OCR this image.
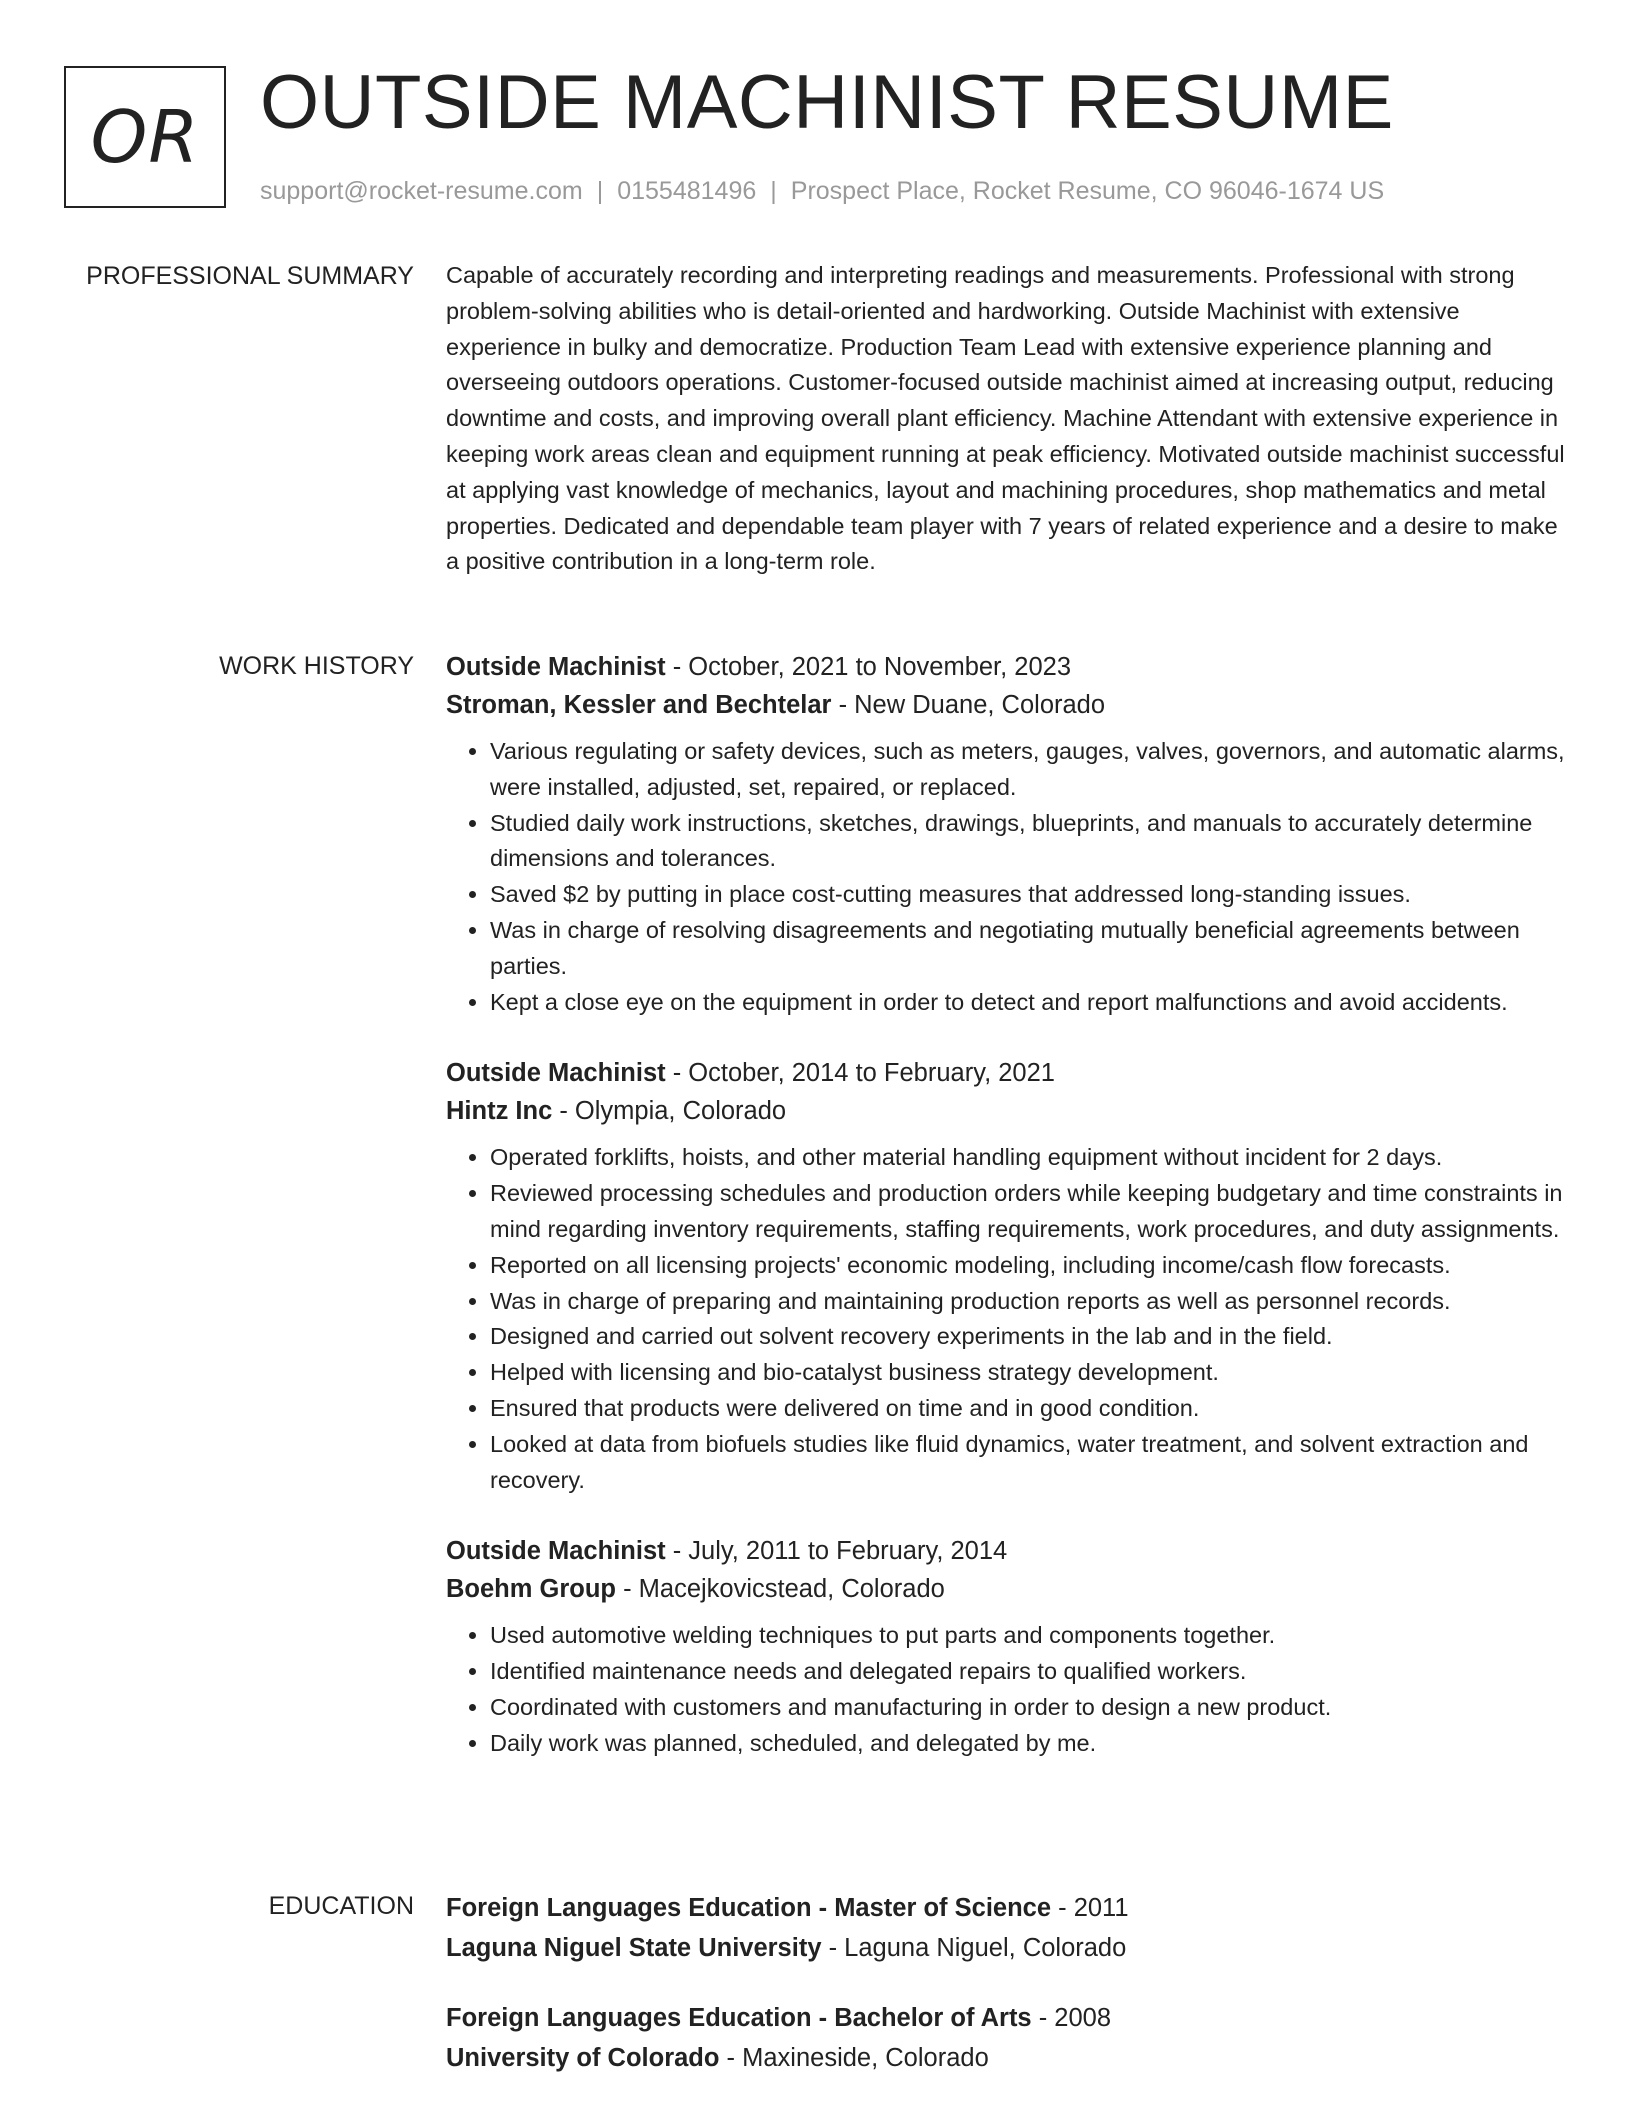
OR OUTSIDE MACHINIST RESUME
support@rocket-resume.com | 0155481496 | Prospect Place, Rocket Resume, CO 96046-1674 US
PROFESSIONAL SUMMARY Capable of accurately recording and interpreting readings and measurements. Professional with strong problem-solving abilities who is detail-oriented and hardworking. Outside Machinist with extensive experience in bulky and democratize. Production Team Lead with extensive experience planning and overseeing outdoors operations. Customer-focused outside machinist aimed at increasing output, reducing downtime and costs, and improving overall plant efficiency. Machine Attendant with extensive experience in keeping work areas clean and equipment running at peak efficiency. Motivated outside machinist successful at applying vast knowledge of mechanics, layout and machining procedures, shop mathematics and metal properties. Dedicated and dependable team player with 7 years of related experience and a desire to make a positive contribution in a long-term role.

WORK HISTORY Outside Machinist - October, 2021 to November, 2023
Stroman, Kessler and Bechtelar - New Duane, Colorado
• Various regulating or safety devices, such as meters, gauges, valves, governors, and automatic alarms, were installed, adjusted, set, repaired, or replaced.
• Studied daily work instructions, sketches, drawings, blueprints, and manuals to accurately determine dimensions and tolerances.
• Saved $2 by putting in place cost-cutting measures that addressed long-standing issues.
• Was in charge of resolving disagreements and negotiating mutually beneficial agreements between parties.
• Kept a close eye on the equipment in order to detect and report malfunctions and avoid accidents.
Outside Machinist - October, 2014 to February, 2021
Hintz Inc - Olympia, Colorado
• Operated forklifts, hoists, and other material handling equipment without incident for 2 days.
• Reviewed processing schedules and production orders while keeping budgetary and time constraints in mind regarding inventory requirements, staffing requirements, work procedures, and duty assignments.
• Reported on all licensing projects' economic modeling, including income/cash flow forecasts.
• Was in charge of preparing and maintaining production reports as well as personnel records.
• Designed and carried out solvent recovery experiments in the lab and in the field.
• Helped with licensing and bio-catalyst business strategy development.
• Ensured that products were delivered on time and in good condition.
• Looked at data from biofuels studies like fluid dynamics, water treatment, and solvent extraction and recovery.
Outside Machinist - July, 2011 to February, 2014
Boehm Group - Macejkovicstead, Colorado
• Used automotive welding techniques to put parts and components together.
• Identified maintenance needs and delegated repairs to qualified workers.
• Coordinated with customers and manufacturing in order to design a new product.
• Daily work was planned, scheduled, and delegated by me.
EDUCATION Foreign Languages Education - Master of Science - 2011
Laguna Niguel State University - Laguna Niguel, Colorado
Foreign Languages Education - Bachelor of Arts - 2008
University of Colorado - Maxineside, Colorado
